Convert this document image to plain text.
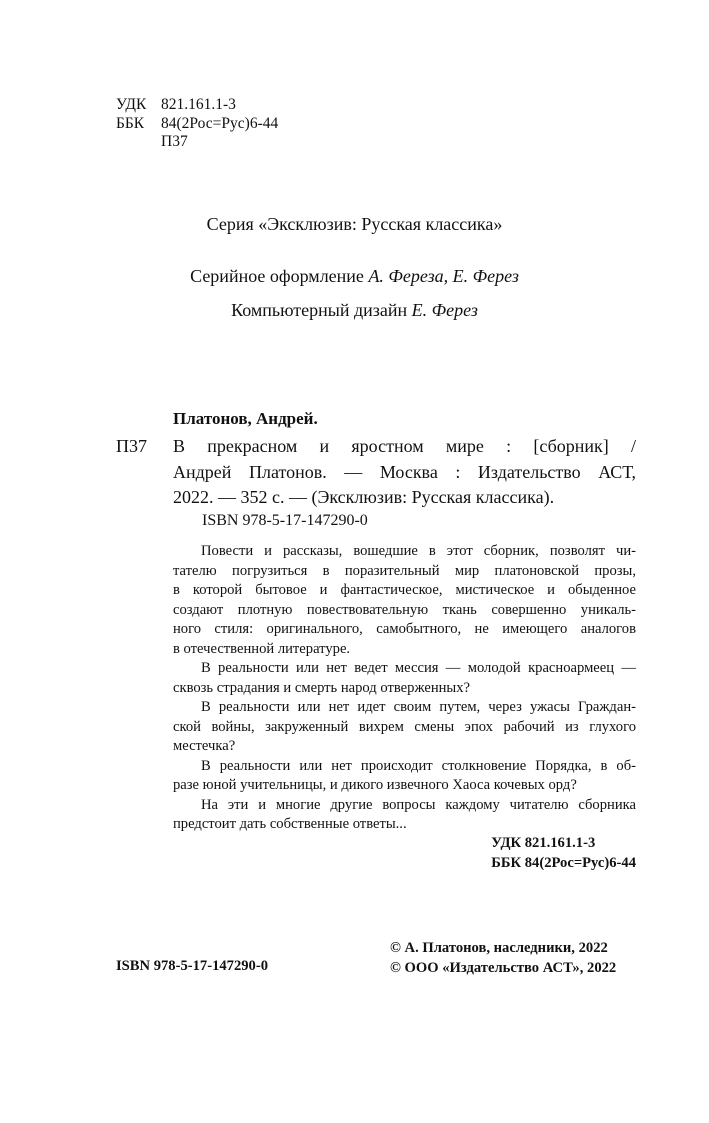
УДК 821.161.1-3
ББК	84(2Рос=Рус)6-44
П37
Серия «Эксклюзив: Русская классика»
Серийное оформление А. Фереза, Е. Ферез
Компьютерный дизайн Е. Ферез
Платонов, Андрей.
П37 В прекрасном и яростном мире : [сборник] /
Андрей Платонов. — Москва : Издательство АСТ,
2022. — 352 с. — (Эксклюзив: Русская классика).
ISBN 978-5-17-147290-0
Повести и рассказы, вошедшие в этот сборник, позволят чи-
тателю погрузиться в поразительный мир платоновской прозы,
в которой бытовое и фантастическое, мистическое и обыденное
создают плотную повествовательную ткань совершенно уникаль-
ного стиля: оригинального, самобытного, не имеющего аналогов
в отечественной литературе.
В реальности или нет ведет мессия — молодой красноармеец —
сквозь страдания и смерть народ отверженных?
В реальности или нет идет своим путем, через ужасы Граждан-
ской войны, закруженный вихрем смены эпох рабочий из глухого
местечка?
В реальности или нет происходит столкновение Порядка, в об-
разе юной учительницы, и дикого извечного Хаоса кочевых орд?
На эти и многие другие вопросы каждому читателю сборника
предстоит дать собственные ответы...
УДК 821.161.1-3
ББК 84(2Рос=Рус)6-44
ISBN 978-5-17-147290-0
© А. Платонов, наследники, 2022
© ООО «Издательство АСТ», 2022
